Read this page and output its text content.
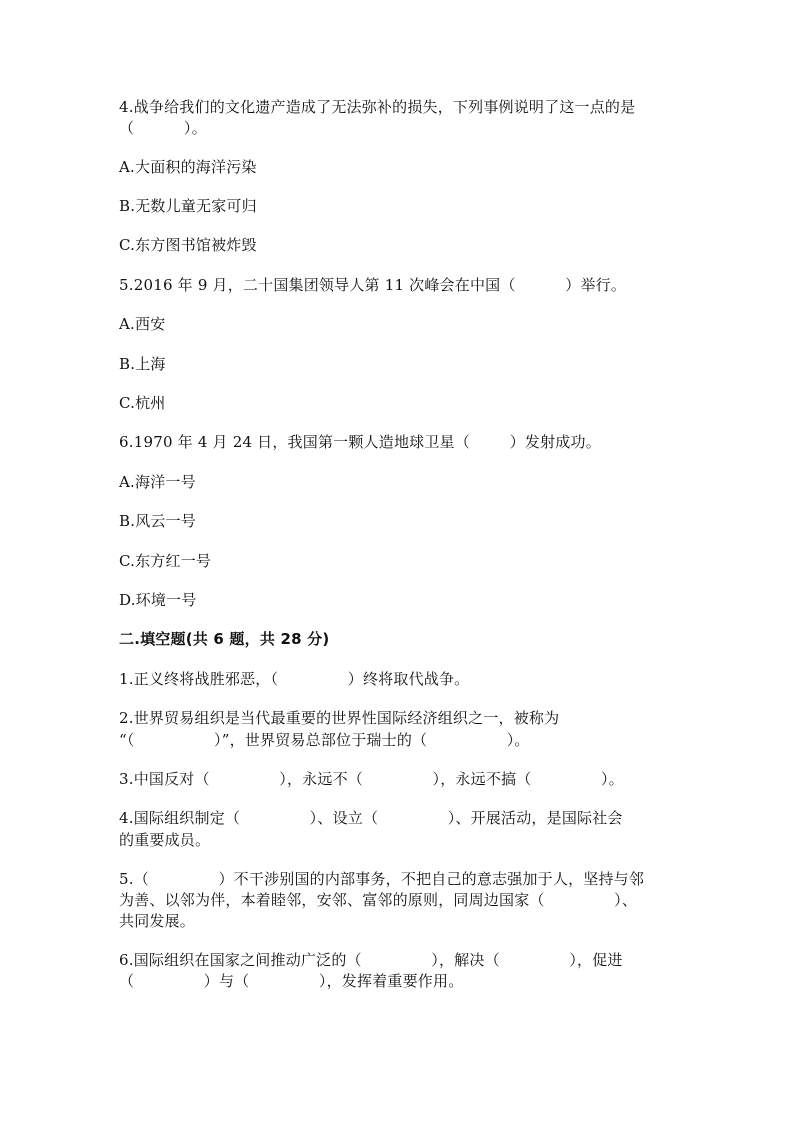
4.战争给我们的文化遗产造成了无法弥补的损失，下列事例说明了这一点的是
（          ）。
A.大面积的海洋污染
B.无数儿童无家可归
C.东方图书馆被炸毁
5.2016 年 9 月，二十国集团领导人第 11 次峰会在中国（          ）举行。
A.西安
B.上海
C.杭州
6.1970 年 4 月 24 日，我国第一颗人造地球卫星（        ）发射成功。
A.海洋一号
B.风云一号
C.东方红一号
D.环境一号
二.填空题(共 6 题，共 28 分)
1.正义终将战胜邪恶，（              ）终将取代战争。
2.世界贸易组织是当代最重要的世界性国际经济组织之一，被称为
“（                ）”，世界贸易总部位于瑞士的（                ）。
3.中国反对（              ），永远不（              ），永远不搞（              ）。
4.国际组织制定（              ）、设立（              ）、开展活动，是国际社会
的重要成员。
5.（              ）不干涉别国的内部事务，不把自己的意志强加于人，坚持与邻
为善、以邻为伴，本着睦邻，安邻、富邻的原则，同周边国家（              ）、
共同发展。
6.国际组织在国家之间推动广泛的（              ），解决（              ），促进
（              ）与（              ），发挥着重要作用。
